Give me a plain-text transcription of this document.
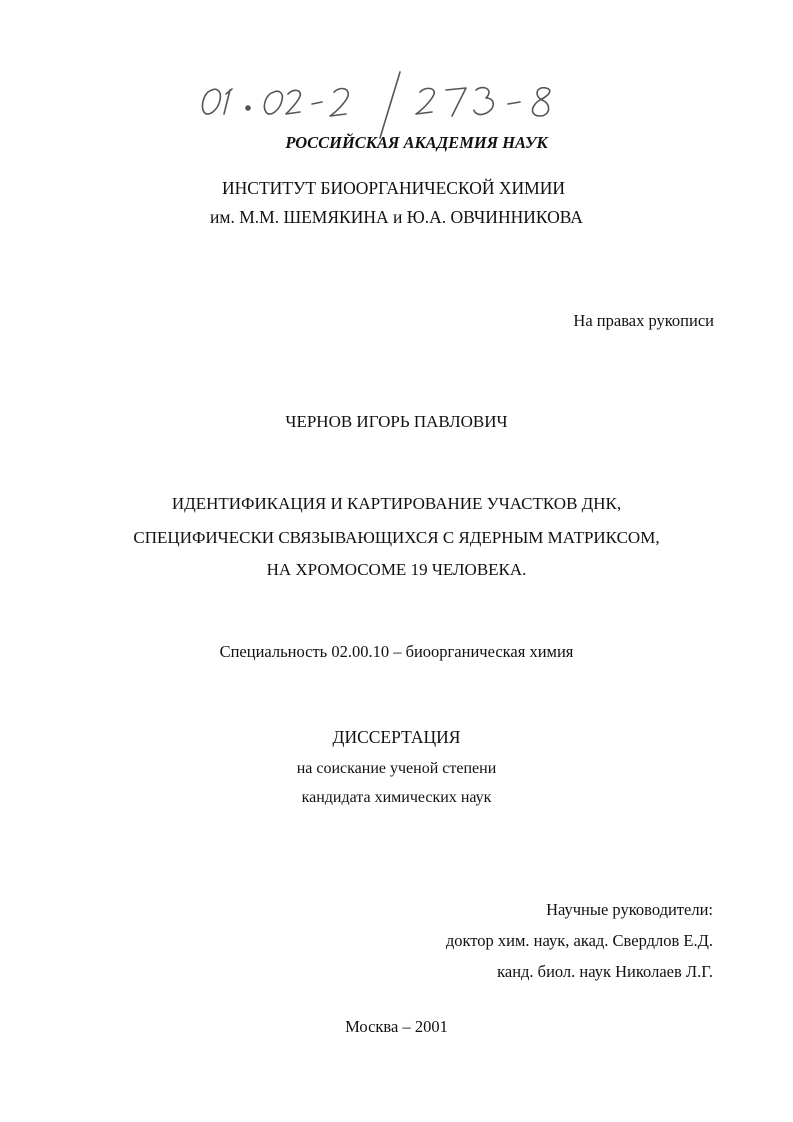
РОССИЙСКАЯ АКАДЕМИЯ НАУК
ИНСТИТУТ БИООРГАНИЧЕСКОЙ ХИМИИ
им. М.М. ШЕМЯКИНА и Ю.А. ОВЧИННИКОВА
На правах рукописи
ЧЕРНОВ ИГОРЬ ПАВЛОВИЧ
ИДЕНТИФИКАЦИЯ И КАРТИРОВАНИЕ УЧАСТКОВ ДНК,
СПЕЦИФИЧЕСКИ СВЯЗЫВАЮЩИХСЯ С ЯДЕРНЫМ МАТРИКСОМ,
НА ХРОМОСОМЕ 19 ЧЕЛОВЕКА.
Специальность 02.00.10 – биоорганическая химия
ДИССЕРТАЦИЯ
на соискание ученой степени
кандидата химических наук
Научные руководители:
доктор хим. наук, акад. Свердлов Е.Д.
канд. биол. наук Николаев Л.Г.
Москва – 2001
